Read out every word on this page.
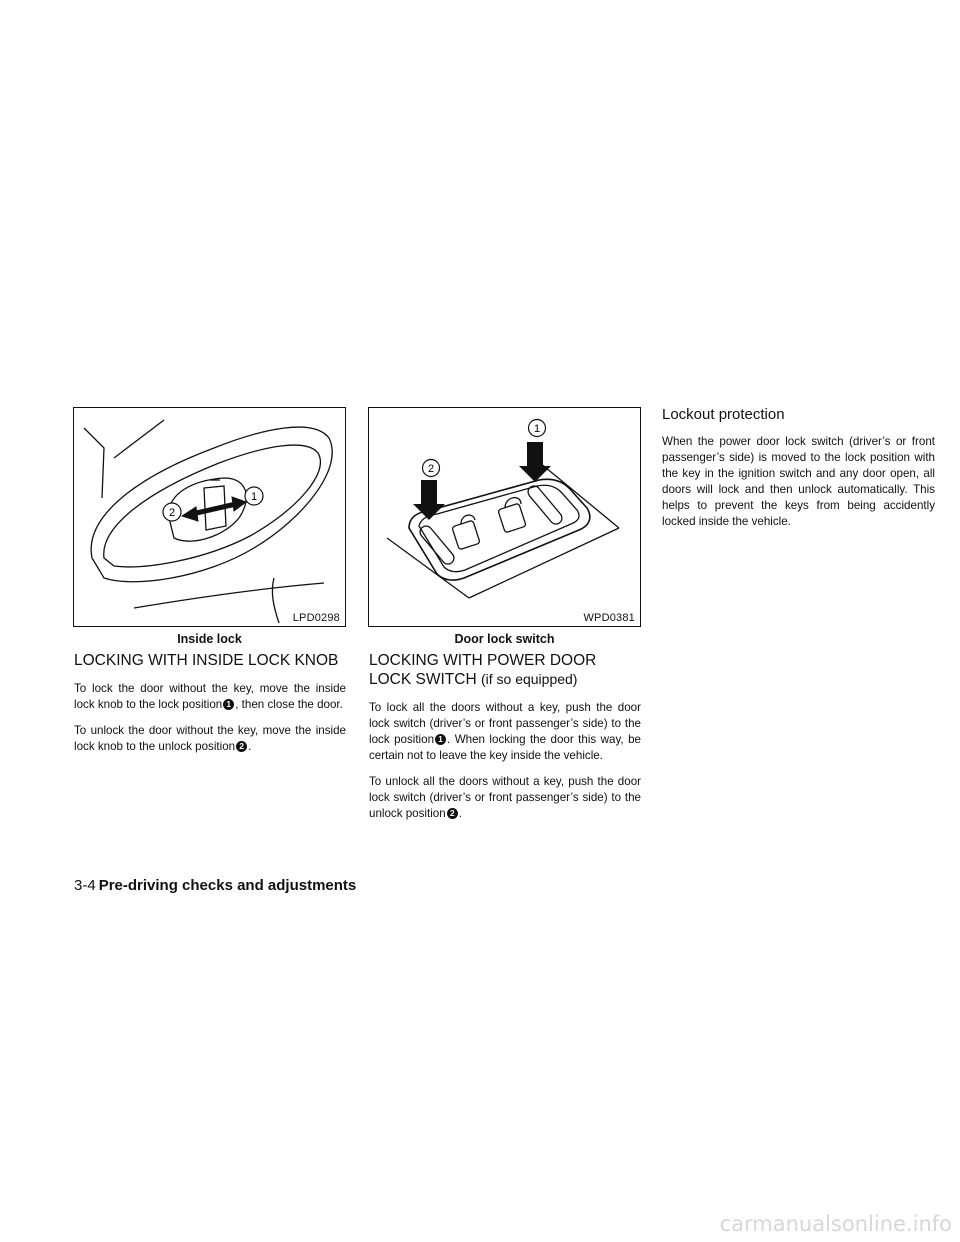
1
2
LPD0298
Inside lock
1
2
WPD0381
Door lock switch
LOCKING WITH INSIDE LOCK KNOB

To lock the door without the key, move the inside lock knob to the lock position 1 , then close the door.

To unlock the door without the key, move the inside lock knob to the unlock position 2 .

LOCKING WITH POWER DOOR LOCK SWITCH (if so equipped)

To lock all the doors without a key, push the door lock switch (driver’s or front passenger’s side) to the lock position 1 . When locking the door this way, be certain not to leave the key inside the vehicle.

To unlock all the doors without a key, push the door lock switch (driver’s or front passenger’s side) to the unlock position 2 .

Lockout protection

When the power door lock switch (driver’s or front passenger’s side) is moved to the lock position with the key in the ignition switch and any door open, all doors will lock and then unlock automatically. This helps to prevent the keys from being accidently locked inside the vehicle.

3-4 Pre-driving checks and adjustments
carmanualsonline.info
